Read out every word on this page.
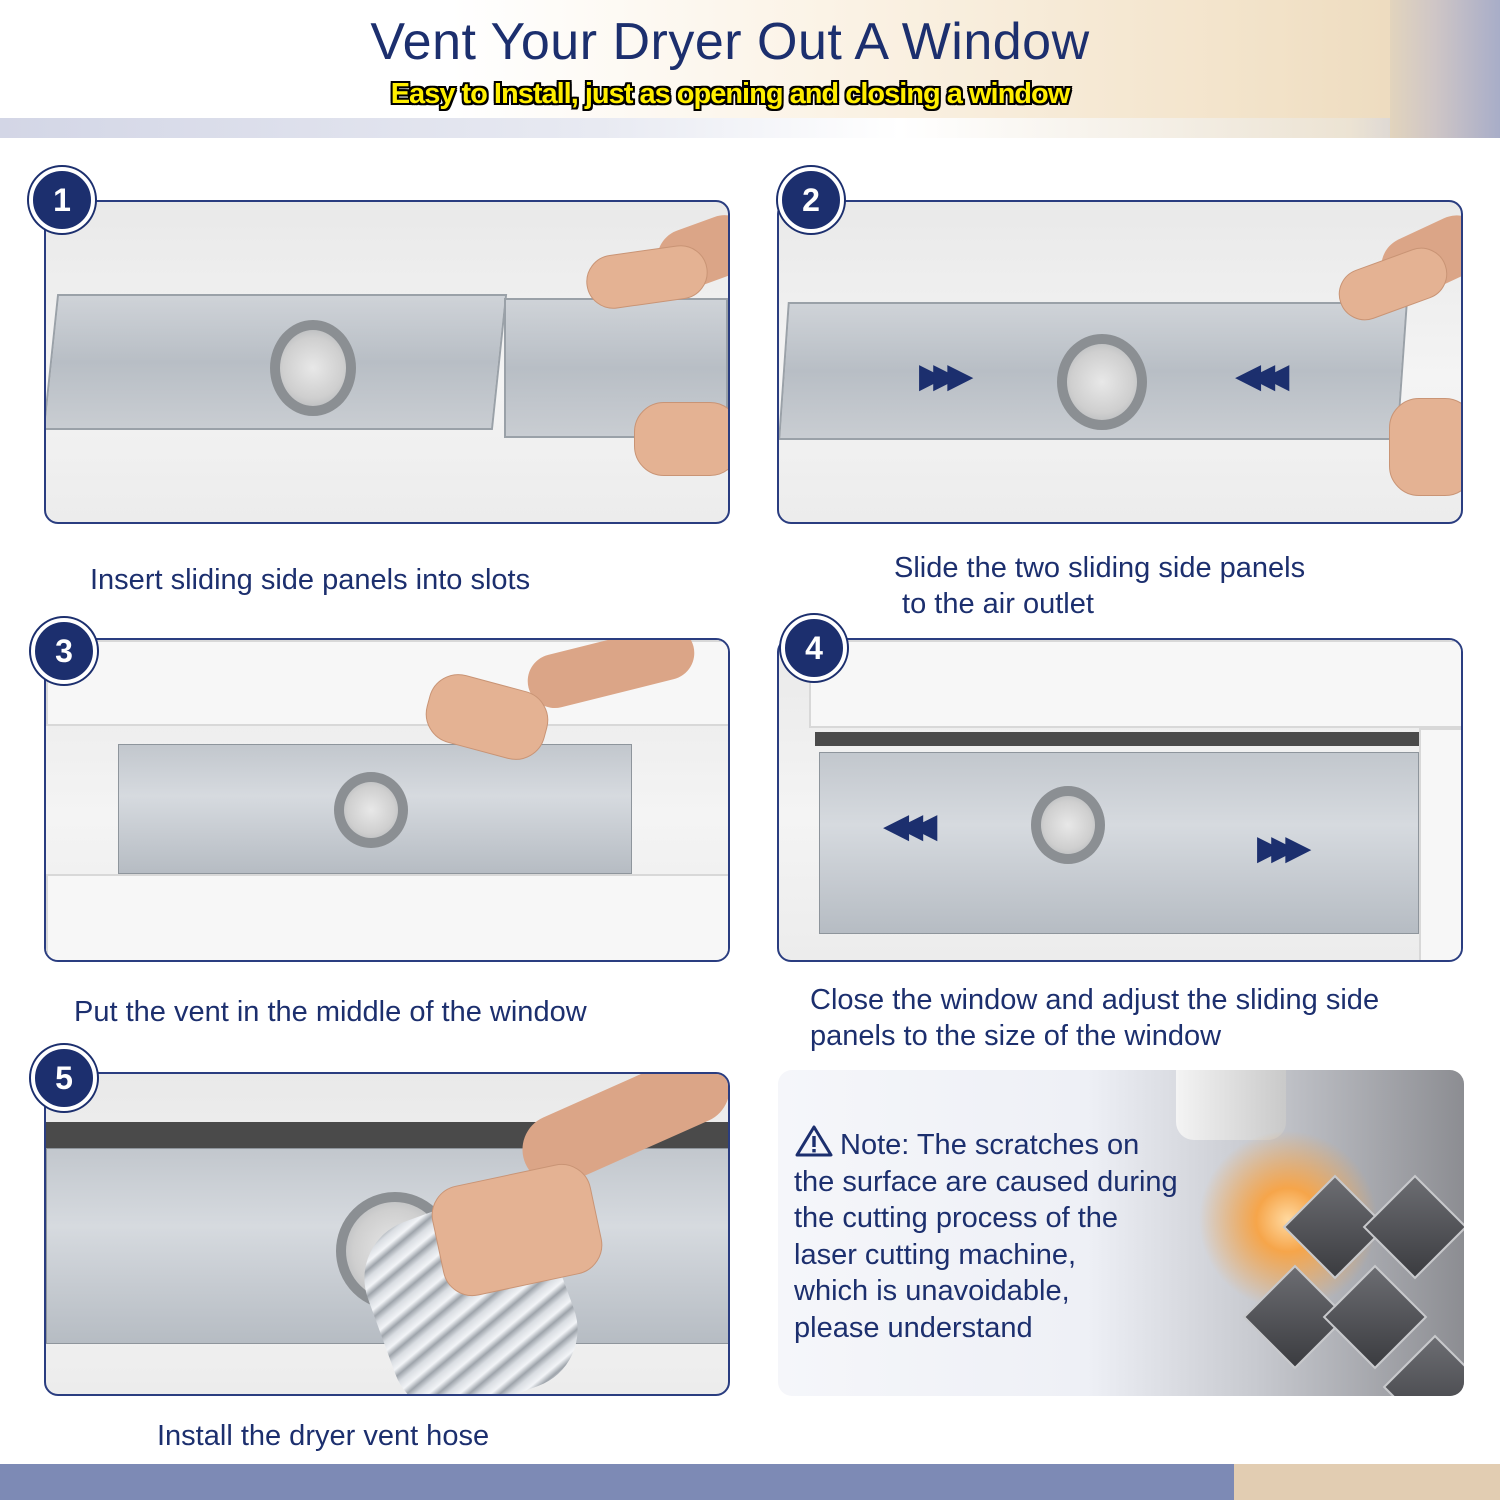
Vent Your Dryer Out A Window
Easy to Install, just as opening and closing a window
1
Insert sliding side panels into slots
▶▶▶	◀◀◀
2
Slide the two sliding side panels
to the air outlet
3
Put the vent in the middle of the window
◀◀◀
▶▶▶
4
Close the window and adjust the sliding side
panels to the size of the window
5
Install the dryer vent hose
Note: The scratches on
the surface are caused during
the cutting process of the
laser cutting machine,
which is unavoidable,
please understand
